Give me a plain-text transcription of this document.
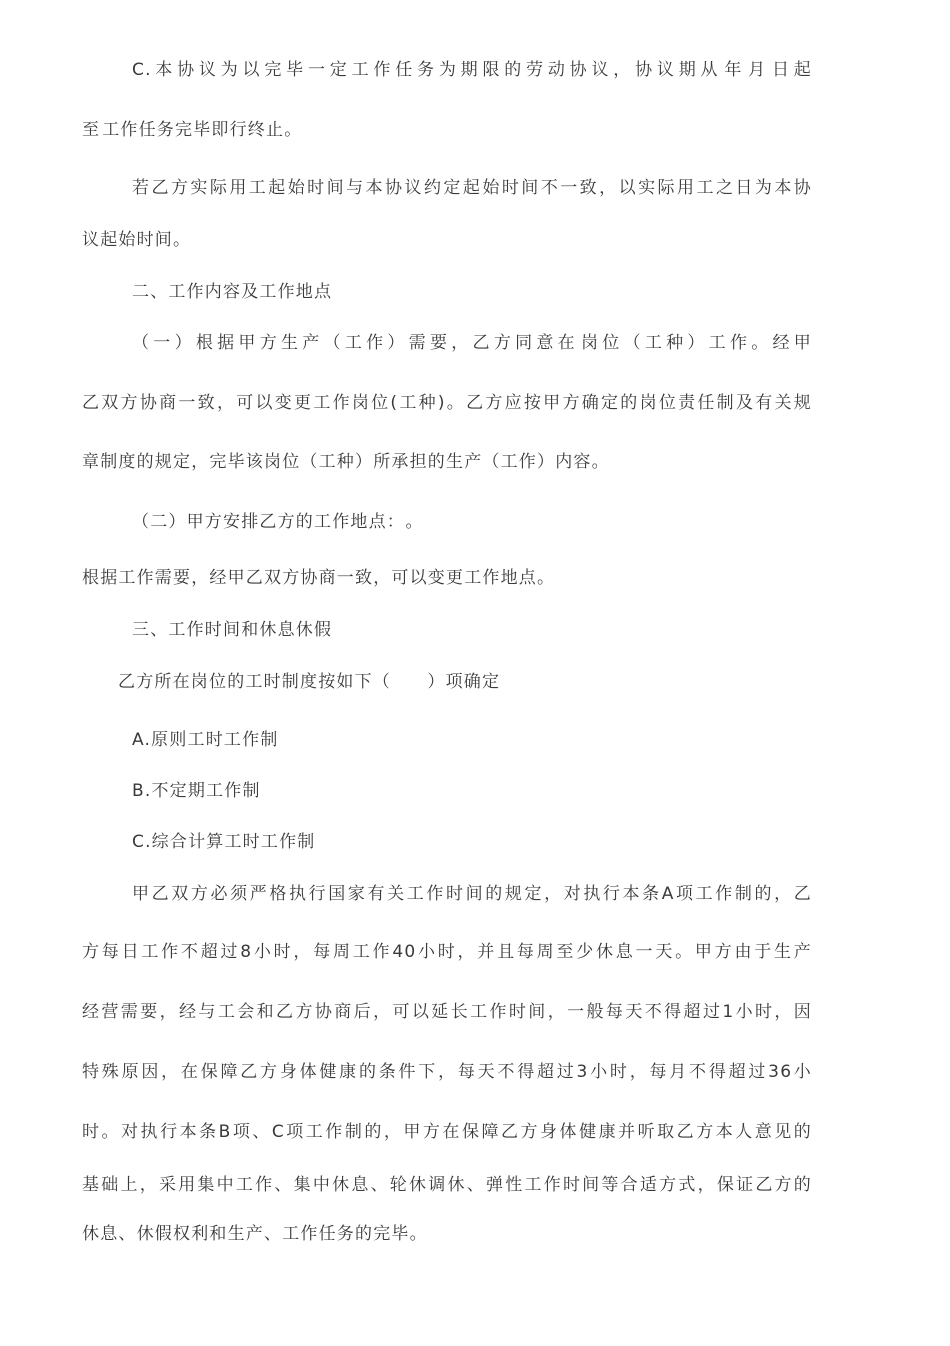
C.本协议为以完毕一定工作任务为期限的劳动协议，协议期从 年 月 日起
至 工作任务完毕即行终止。
若乙方实际用工起始时间与本协议约定起始时间不一致，以实际用工之日为本协
议起始时间。
二、工作内容及工作地点
（一）根据甲方生产（工作）需要，乙方同意在 岗位（工种）工作。经甲
乙双方协商一致，可以变更工作岗位(工种)。乙方应按甲方确定的岗位责任制及有关规
章制度的规定，完毕该岗位（工种）所承担的生产（工作）内容。
（二）甲方安排乙方的工作地点： 。
根据工作需要，经甲乙双方协商一致，可以变更工作地点。
三、工作时间和休息休假
乙方所在岗位的工时制度按如下（　　）项确定
A.原则工时工作制
B.不定期工作制
C.综合计算工时工作制
甲乙双方必须严格执行国家有关工作时间的规定，对执行本条A项工作制的，乙
方每日工作不超过8小时，每周工作40小时，并且每周至少休息一天。甲方由于生产
经营需要，经与工会和乙方协商后，可以延长工作时间，一般每天不得超过1小时，因
特殊原因，在保障乙方身体健康的条件下，每天不得超过3小时，每月不得超过36小
时。对执行本条B项、C项工作制的，甲方在保障乙方身体健康并听取乙方本人意见的
基础上，采用集中工作、集中休息、轮休调休、弹性工作时间等合适方式，保证乙方的
休息、休假权利和生产、工作任务的完毕。
